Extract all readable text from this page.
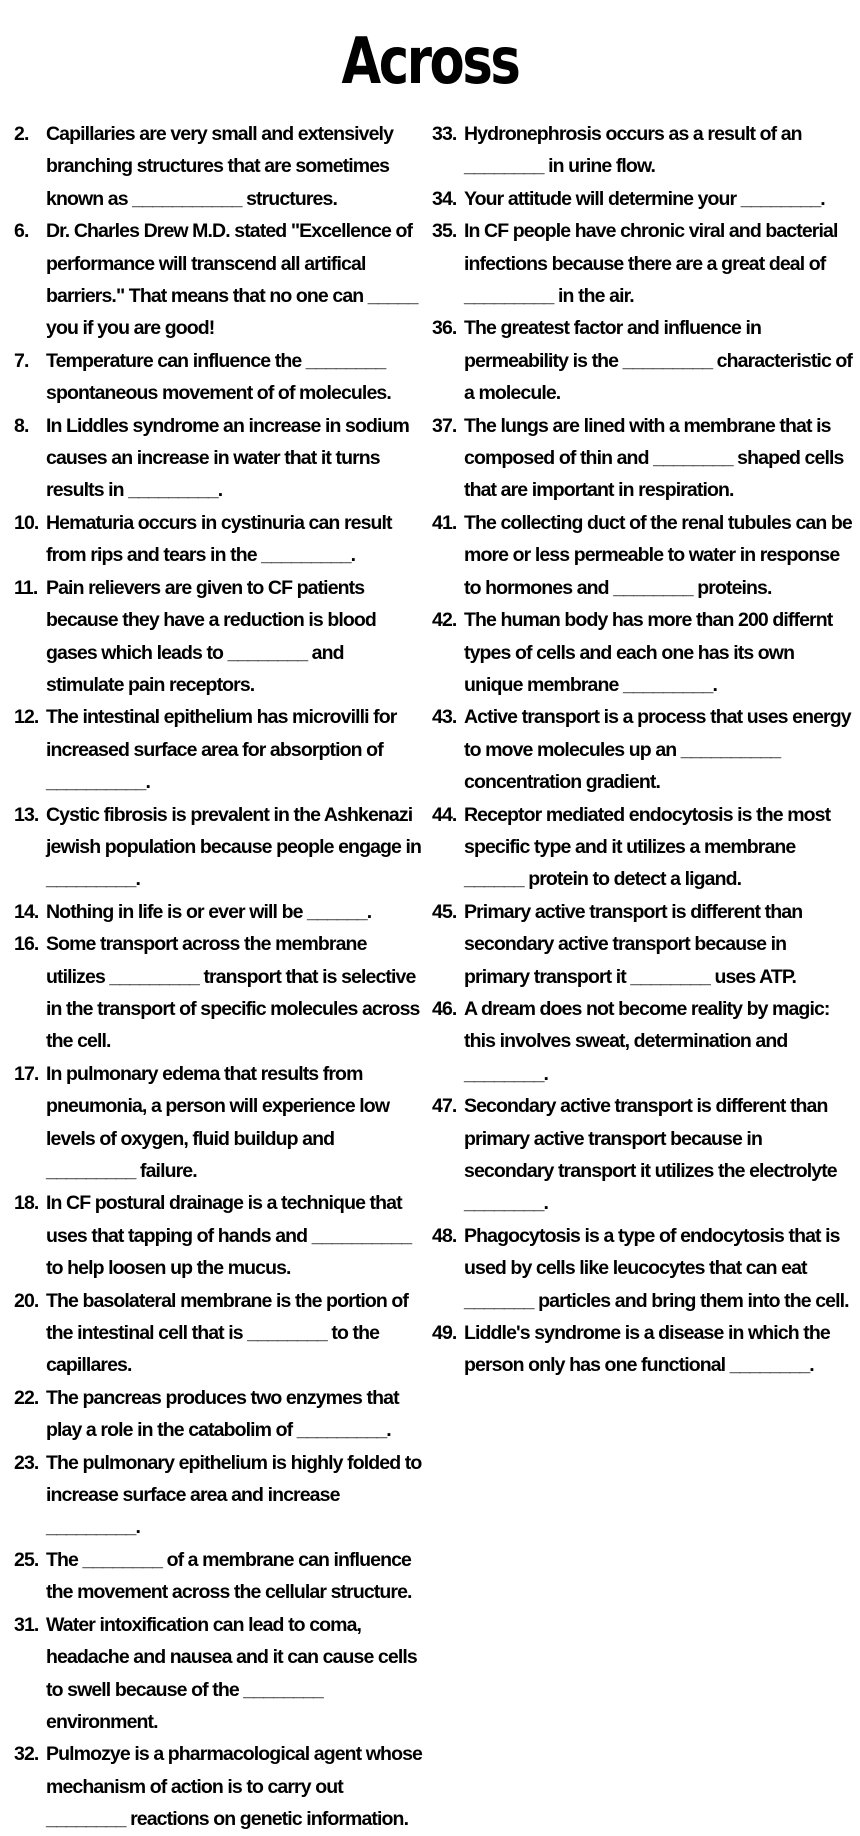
Across
2. Capillaries are very small and extensively branching structures that are sometimes known as ___________ structures.
6. Dr. Charles Drew M.D. stated "Excellence of performance will transcend all artifical barriers." That means that no one can _____ you if you are good!
7. Temperature can influence the ________ spontaneous movement of of molecules.
8. In Liddles syndrome an increase in sodium causes an increase in water that it turns results in _________.
10. Hematuria occurs in cystinuria can result from rips and tears in the _________.
11. Pain relievers are given to CF patients because they have a reduction is blood gases which leads to ________ and stimulate pain receptors.
12. The intestinal epithelium has microvilli for increased surface area for absorption of __________.
13. Cystic fibrosis is prevalent in the Ashkenazi jewish population because people engage in _________.
14. Nothing in life is or ever will be ______.
16. Some transport across the membrane utilizes _________ transport that is selective in the transport of specific molecules across the cell.
17. In pulmonary edema that results from pneumonia, a person will experience low levels of oxygen, fluid buildup and _________ failure.
18. In CF postural drainage is a technique that uses that tapping of hands and __________ to help loosen up the mucus.
20. The basolateral membrane is the portion of the intestinal cell that is ________ to the capillares.
22. The pancreas produces two enzymes that play a role in the catabolim of _________.
23. The pulmonary epithelium is highly folded to increase surface area and increase _________.
25. The ________ of a membrane can influence the movement across the cellular structure.
31. Water intoxification can lead to coma, headache and nausea and it can cause cells to swell because of the ________ environment.
32. Pulmozye is a pharmacological agent whose mechanism of action is to carry out ________ reactions on genetic information.
33. Hydronephrosis occurs as a result of an ________ in urine flow.
34. Your attitude will determine your ________.
35. In CF people have chronic viral and bacterial infections because there are a great deal of _________ in the air.
36. The greatest factor and influence in permeability is the _________ characteristic of a molecule.
37. The lungs are lined with a membrane that is composed of thin and ________ shaped cells that are important in respiration.
41. The collecting duct of the renal tubules can be more or less permeable to water in response to hormones and ________ proteins.
42. The human body has more than 200 differnt types of cells and each one has its own unique membrane _________.
43. Active transport is a process that uses energy to move molecules up an __________ concentration gradient.
44. Receptor mediated endocytosis is the most specific type and it utilizes a membrane ______ protein to detect a ligand.
45. Primary active transport is different than secondary active transport because in primary transport it ________ uses ATP.
46. A dream does not become reality by magic: this involves sweat, determination and ________.
47. Secondary active transport is different than primary active transport because in secondary transport it utilizes the electrolyte ________.
48. Phagocytosis is a type of endocytosis that is used by cells like leucocytes that can eat _______ particles and bring them into the cell.
49. Liddle's syndrome is a disease in which the person only has one functional ________.
